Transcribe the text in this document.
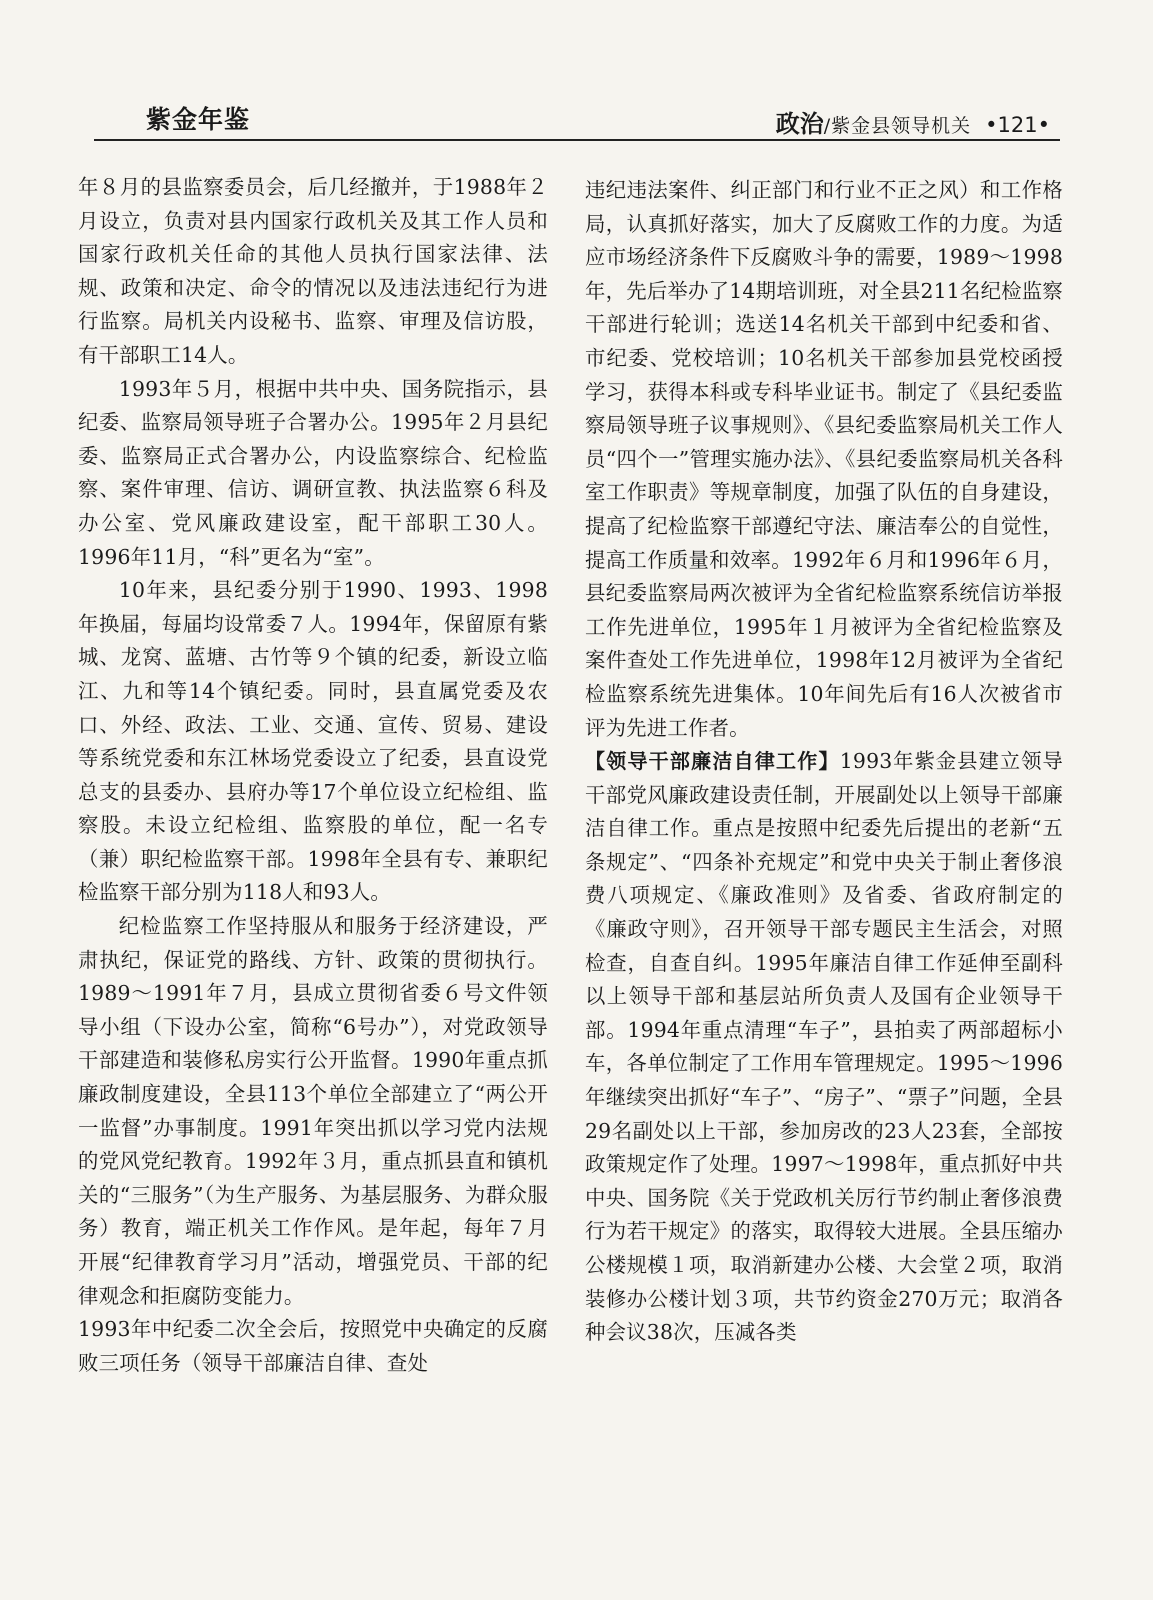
紫金年鉴	政治/紫金县领导机关 •121•

年８月的县监察委员会，后几经撤并，于1988年２月设立，负责对县内国家行政机关及其工作人员和国家行政机关任命的其他人员执行国家法律、法规、政策和决定、命令的情况以及违法违纪行为进行监察。局机关内设秘书、监察、审理及信访股，有干部职工14人。

1993年５月，根据中共中央、国务院指示，县纪委、监察局领导班子合署办公。1995年２月县纪委、监察局正式合署办公，内设监察综合、纪检监察、案件审理、信访、调研宣教、执法监察６科及办公室、党风廉政建设室，配干部职工30人。1996年11月，“科”更名为“室”。

10年来，县纪委分别于1990、1993、1998年换届，每届均设常委７人。1994年，保留原有紫城、龙窝、蓝塘、古竹等９个镇的纪委，新设立临江、九和等14个镇纪委。同时，县直属党委及农口、外经、政法、工业、交通、宣传、贸易、建设等系统党委和东江林场党委设立了纪委，县直设党总支的县委办、县府办等17个单位设立纪检组、监察股。未设立纪检组、监察股的单位，配一名专（兼）职纪检监察干部。1998年全县有专、兼职纪检监察干部分别为118人和93人。

纪检监察工作坚持服从和服务于经济建设，严肃执纪，保证党的路线、方针、政策的贯彻执行。1989～1991年７月，县成立贯彻省委６号文件领导小组（下设办公室，简称“6号办”），对党政领导干部建造和装修私房实行公开监督。1990年重点抓廉政制度建设，全县113个单位全部建立了“两公开一监督”办事制度。1991年突出抓以学习党内法规的党风党纪教育。1992年３月，重点抓县直和镇机关的“三服务”（为生产服务、为基层服务、为群众服务）教育，端正机关工作作风。是年起，每年７月开展“纪律教育学习月”活动，增强党员、干部的纪律观念和拒腐防变能力。

1993年中纪委二次全会后，按照党中央确定的反腐败三项任务（领导干部廉洁自律、查处

违纪违法案件、纠正部门和行业不正之风）和工作格局，认真抓好落实，加大了反腐败工作的力度。为适应市场经济条件下反腐败斗争的需要，1989～1998年，先后举办了14期培训班，对全县211名纪检监察干部进行轮训；选送14名机关干部到中纪委和省、市纪委、党校培训；10名机关干部参加县党校函授学习，获得本科或专科毕业证书。制定了《县纪委监察局领导班子议事规则》、《县纪委监察局机关工作人员“四个一”管理实施办法》、《县纪委监察局机关各科室工作职责》等规章制度，加强了队伍的自身建设，提高了纪检监察干部遵纪守法、廉洁奉公的自觉性，提高工作质量和效率。1992年６月和1996年６月，县纪委监察局两次被评为全省纪检监察系统信访举报工作先进单位，1995年１月被评为全省纪检监察及案件查处工作先进单位，1998年12月被评为全省纪检监察系统先进集体。10年间先后有16人次被省市评为先进工作者。

【领导干部廉洁自律工作】1993年紫金县建立领导干部党风廉政建设责任制，开展副处以上领导干部廉洁自律工作。重点是按照中纪委先后提出的老新“五条规定”、“四条补充规定”和党中央关于制止奢侈浪费八项规定、《廉政准则》及省委、省政府制定的《廉政守则》，召开领导干部专题民主生活会，对照检查，自查自纠。1995年廉洁自律工作延伸至副科以上领导干部和基层站所负责人及国有企业领导干部。1994年重点清理“车子”，县拍卖了两部超标小车，各单位制定了工作用车管理规定。1995～1996年继续突出抓好“车子”、“房子”、“票子”问题，全县29名副处以上干部，参加房改的23人23套，全部按政策规定作了处理。1997～1998年，重点抓好中共中央、国务院《关于党政机关厉行节约制止奢侈浪费行为若干规定》的落实，取得较大进展。全县压缩办公楼规模１项，取消新建办公楼、大会堂２项，取消装修办公楼计划３项，共节约资金270万元；取消各种会议38次，压减各类
